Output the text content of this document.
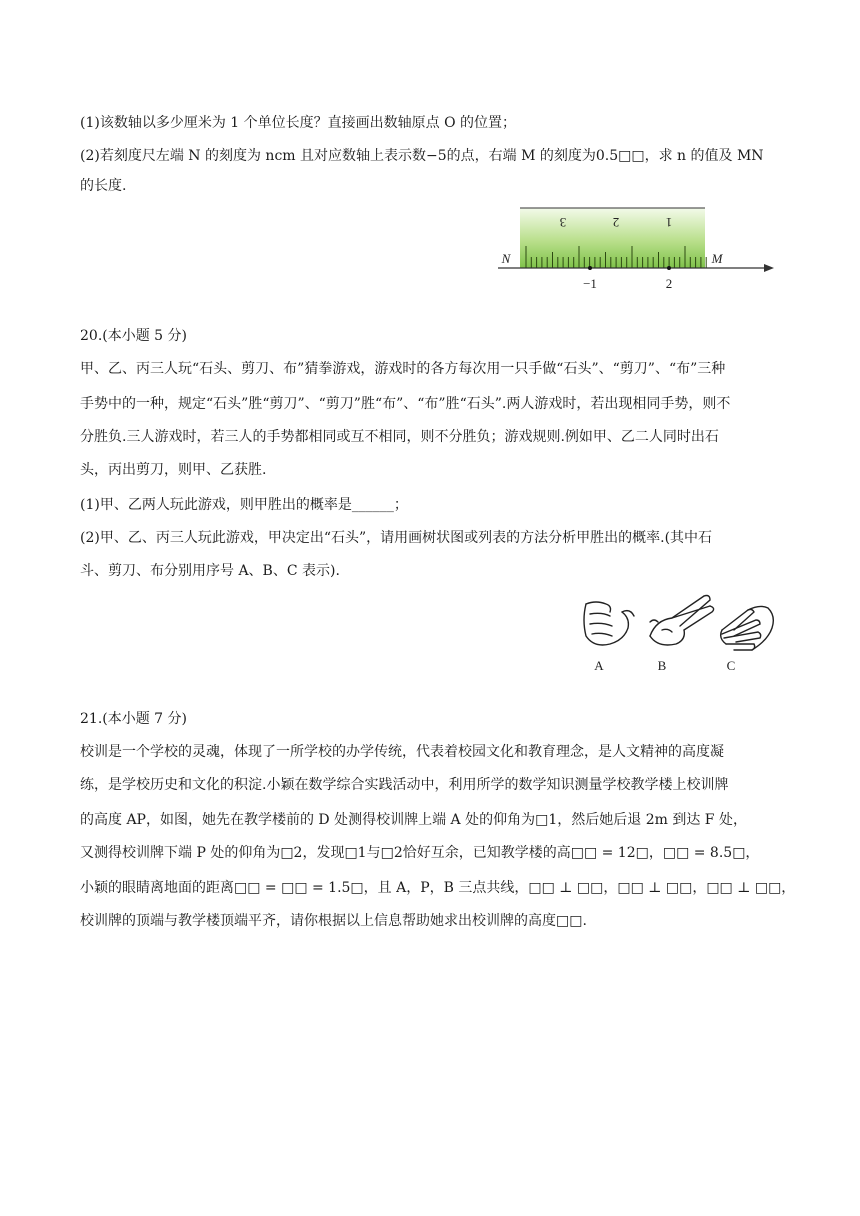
(1)该数轴以多少厘米为 1 个单位长度？直接画出数轴原点 O 的位置；
(2)若刻度尺左端 N 的刻度为 ncm 且对应数轴上表示数−5的点，右端 M 的刻度为0.5□□，求 n 的值及 MN
的长度.
3	2	1
N	M
−1	2
20.(本小题 5 分)
甲、乙、丙三人玩“石头、剪刀、布”猜拳游戏，游戏时的各方每次用一只手做“石头”、“剪刀”、“布”三种
手势中的一种，规定“石头”胜“剪刀”、“剪刀”胜“布”、“布”胜“石头”.两人游戏时，若出现相同手势，则不
分胜负.三人游戏时，若三人的手势都相同或互不相同，则不分胜负；游戏规则.例如甲、乙二人同时出石
头，丙出剪刀，则甲、乙获胜.
(1)甲、乙两人玩此游戏，则甲胜出的概率是______；
(2)甲、乙、丙三人玩此游戏，甲决定出“石头”，请用画树状图或列表的方法分析甲胜出的概率.(其中石
斗、剪刀、布分别用序号 A、B、C 表示).
A	B	C
21.(本小题 7 分)
校训是一个学校的灵魂，体现了一所学校的办学传统，代表着校园文化和教育理念，是人文精神的高度凝
练，是学校历史和文化的积淀.小颖在数学综合实践活动中，利用所学的数学知识测量学校教学楼上校训牌
的高度 AP，如图，她先在教学楼前的 D 处测得校训牌上端 A 处的仰角为□1，然后她后退 2m 到达 F 处，
又测得校训牌下端 P 处的仰角为□2，发现□1与□2恰好互余，已知教学楼的高□□ = 12□，□□ = 8.5□，
小颖的眼睛离地面的距离□□ = □□ = 1.5□，且 A，P，B 三点共线，□□ ⊥ □□，□□ ⊥ □□，□□ ⊥ □□，
校训牌的顶端与教学楼顶端平齐，请你根据以上信息帮助她求出校训牌的高度□□.
